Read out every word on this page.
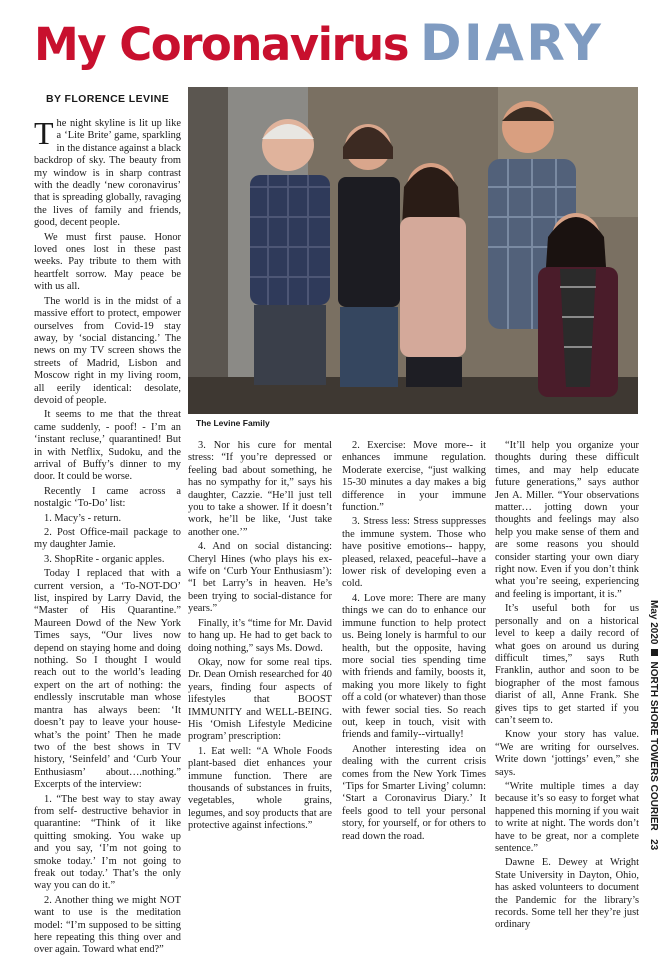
My Coronavirus DIARY
BY FLORENCE LEVINE
The Levine Family

The night skyline is lit up like a ‘Lite Brite’ game, sparkling in the distance against a black backdrop of sky. The beauty from my window is in sharp contrast with the deadly ‘new coronavirus’ that is spreading globally, ravaging the lives of family and friends, good, decent people.

We must first pause. Honor loved ones lost in these past weeks. Pay tribute to them with heartfelt sorrow. May peace be with us all.

The world is in the midst of a massive effort to protect, empower ourselves from Covid-19 stay away, by ‘social distancing.’ The news on my TV screen shows the streets of Madrid, Lisbon and Moscow right in my living room, all eerily identical: desolate, devoid of people.

It seems to me that the threat came suddenly, - poof! - I’m an ‘instant recluse,’ quarantined! But in with Netflix, Sudoku, and the arrival of Buffy’s dinner to my door. It could be worse.

Recently I came across a nostalgic ‘To-Do’ list:

1. Macy’s - return.

2. Post Office-mail package to my daughter Jamie.

3. ShopRite - organic apples.

Today I replaced that with a current version, a ‘To-NOT-DO’ list, inspired by Larry David, the “Master of His Quarantine.” Maureen Dowd of the New York Times says, “Our lives now depend on staying home and doing nothing. So I thought I would reach out to the world’s leading expert on the art of nothing: the endlessly inscrutable man whose mantra has always been: ‘It doesn’t pay to leave your house- what’s the point’ Then he made two of the best shows in TV history, ‘Seinfeld’ and ‘Curb Your Enthusiasm’ about….nothing.” Excerpts of the interview:

1. “The best way to stay away from self- destructive behavior in quarantine: “Think of it like quitting smoking. You wake up and you say, ‘I’m not going to smoke today.’ I’m not going to freak out today.’ That’s the only way you can do it.”

2. Another thing we might NOT want to use is the meditation model: “I’m supposed to be sitting here repeating this thing over and over again. Toward what end?”

3. Nor his cure for mental stress: “If you’re depressed or feeling bad about something, he has no sympathy for it,” says his daughter, Cazzie. “He’ll just tell you to take a shower. If it doesn’t work, he’ll be like, ‘Just take another one.’”

4. And on social distancing: Cheryl Hines (who plays his ex-wife on ‘Curb Your Enthusiasm’): “I bet Larry’s in heaven. He’s been trying to social-distance for years.”

Finally, it’s “time for Mr. David to hang up. He had to get back to doing nothing,” says Ms. Dowd.

Okay, now for some real tips. Dr. Dean Ornish researched for 40 years, finding four aspects of lifestyles that BOOST IMMUNITY and WELL-BEING. His ‘Omish Lifestyle Medicine program’ prescription:

1. Eat well: “A Whole Foods plant-based diet enhances your immune function. There are thousands of substances in fruits, vegetables, whole grains, legumes, and soy products that are protective against infections.”

2. Exercise: Move more-- it enhances immune regulation. Moderate exercise, “just walking 15-30 minutes a day makes a big difference in your immune function.”

3. Stress less: Stress suppresses the immune system. Those who have positive emotions-- happy, pleased, relaxed, peaceful--have a lower risk of developing even a cold.

4. Love more: There are many things we can do to enhance our immune function to help protect us. Being lonely is harmful to our health, but the opposite, having more social ties spending time with friends and family, boosts it, making you more likely to fight off a cold (or whatever) than those with fewer social ties. So reach out, keep in touch, visit with friends and family--virtually!

Another interesting idea on dealing with the current crisis comes from the New York Times ‘Tips for Smarter Living’ column: ‘Start a Coronavirus Diary.’ It feels good to tell your personal story, for yourself, or for others to read down the road.

“It’ll help you organize your thoughts during these difficult times, and may help educate future generations,” says author Jen A. Miller. “Your observations matter… jotting down your thoughts and feelings may also help you make sense of them and are some reasons you should consider starting your own diary right now. Even if you don’t think what you’re seeing, experiencing and feeling is important, it is.”

It’s useful both for us personally and on a historical level to keep a daily record of what goes on around us during difficult times,” says Ruth Franklin, author and soon to be biographer of the most famous diarist of all, Anne Frank. She gives tips to get started if you can’t seem to.

Know your story has value. “We are writing for ourselves. Write down ‘jottings’ even,” she says.

“Write multiple times a day because it’s so easy to forget what happened this morning if you wait to write at night. The words don’t have to be great, nor a complete sentence.”

Dawne E. Dewey at Wright State University in Dayton, Ohio, has asked volunteers to document the Pandemic for the library’s records. Some tell her they’re just ordinary

May 2020NORTH SHORE TOWERS COURIER   23
